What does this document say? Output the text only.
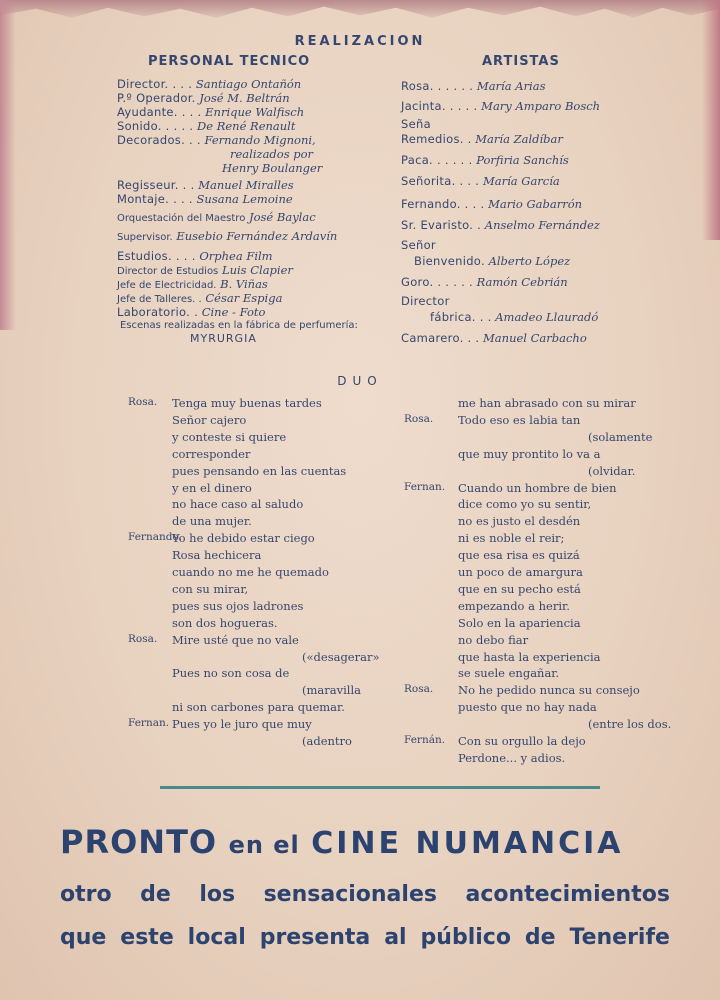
REALIZACION
PERSONAL TECNICO	ARTISTAS
Director. . . . Santiago Ontañón
P.º Operador. José M. Beltrán
Ayudante. . . . Enrique Walfisch
Sonido. . . . . De René Renault
Decorados. . . Fernando Mignoni,
realizados por
Henry Boulanger
Regisseur. . . Manuel Miralles
Montaje. . . . Susana Lemoine
Orquestación del Maestro José Baylac
Supervisor. Eusebio Fernández Ardavín
Estudios. . . . Orphea Film
Director de Estudios Luis Clapier
Jefe de Electricidad. B. Viñas
Jefe de Talleres. . César Espiga
Laboratorio. . Cine - Foto
Escenas realizadas en la fábrica de perfumería:
MYRURGIA
Rosa. . . . . . María Arias
Jacinta. . . . . Mary Amparo Bosch
Seña
Remedios. . María Zaldíbar
Paca. . . . . . Porfiria Sanchís
Señorita. . . . María García
Fernando. . . . Mario Gabarrón
Sr. Evaristo. . Anselmo Fernández
Señor
Bienvenido. Alberto López
Goro. . . . . . Ramón Cebrián
Director
fábrica. . . Amadeo Llauradó
Camarero. . . Manuel Carbacho
DUO
Rosa. Tenga muy buenas tardes
Señor cajero
y conteste si quiere
corresponder
pues pensando en las cuentas
y en el dinero
no hace caso al saludo
de una mujer.
Fernando.
Yo he debido estar ciego
Rosa hechicera
cuando no me he quemado
con su mirar,
pues sus ojos ladrones
son dos hogueras.
Rosa. Mire usté que no vale
(«desagerar»
Pues no son cosa de
(maravilla
ni son carbones para quemar.
Fernan. Pues yo le juro que muy
(adentro
me han abrasado con su mirar
Rosa. Todo eso es labia tan
(solamente
que muy prontito lo va a
(olvidar.
Fernan. Cuando un hombre de bien
dice como yo su sentir,
no es justo el desdén
ni es noble el reir;
que esa risa es quizá
un poco de amargura
que en su pecho está
empezando a herir.
Solo en la apariencia
no debo fiar
que hasta la experiencia
se suele engañar.
Rosa. No he pedido nunca su consejo
puesto que no hay nada
(entre los dos.
Fernán. Con su orgullo la dejo
Perdone... y adios.
PRONTO en el CINE NUMANCIA
otro de los sensacionales acontecimientos
que este local presenta al público de Tenerife
